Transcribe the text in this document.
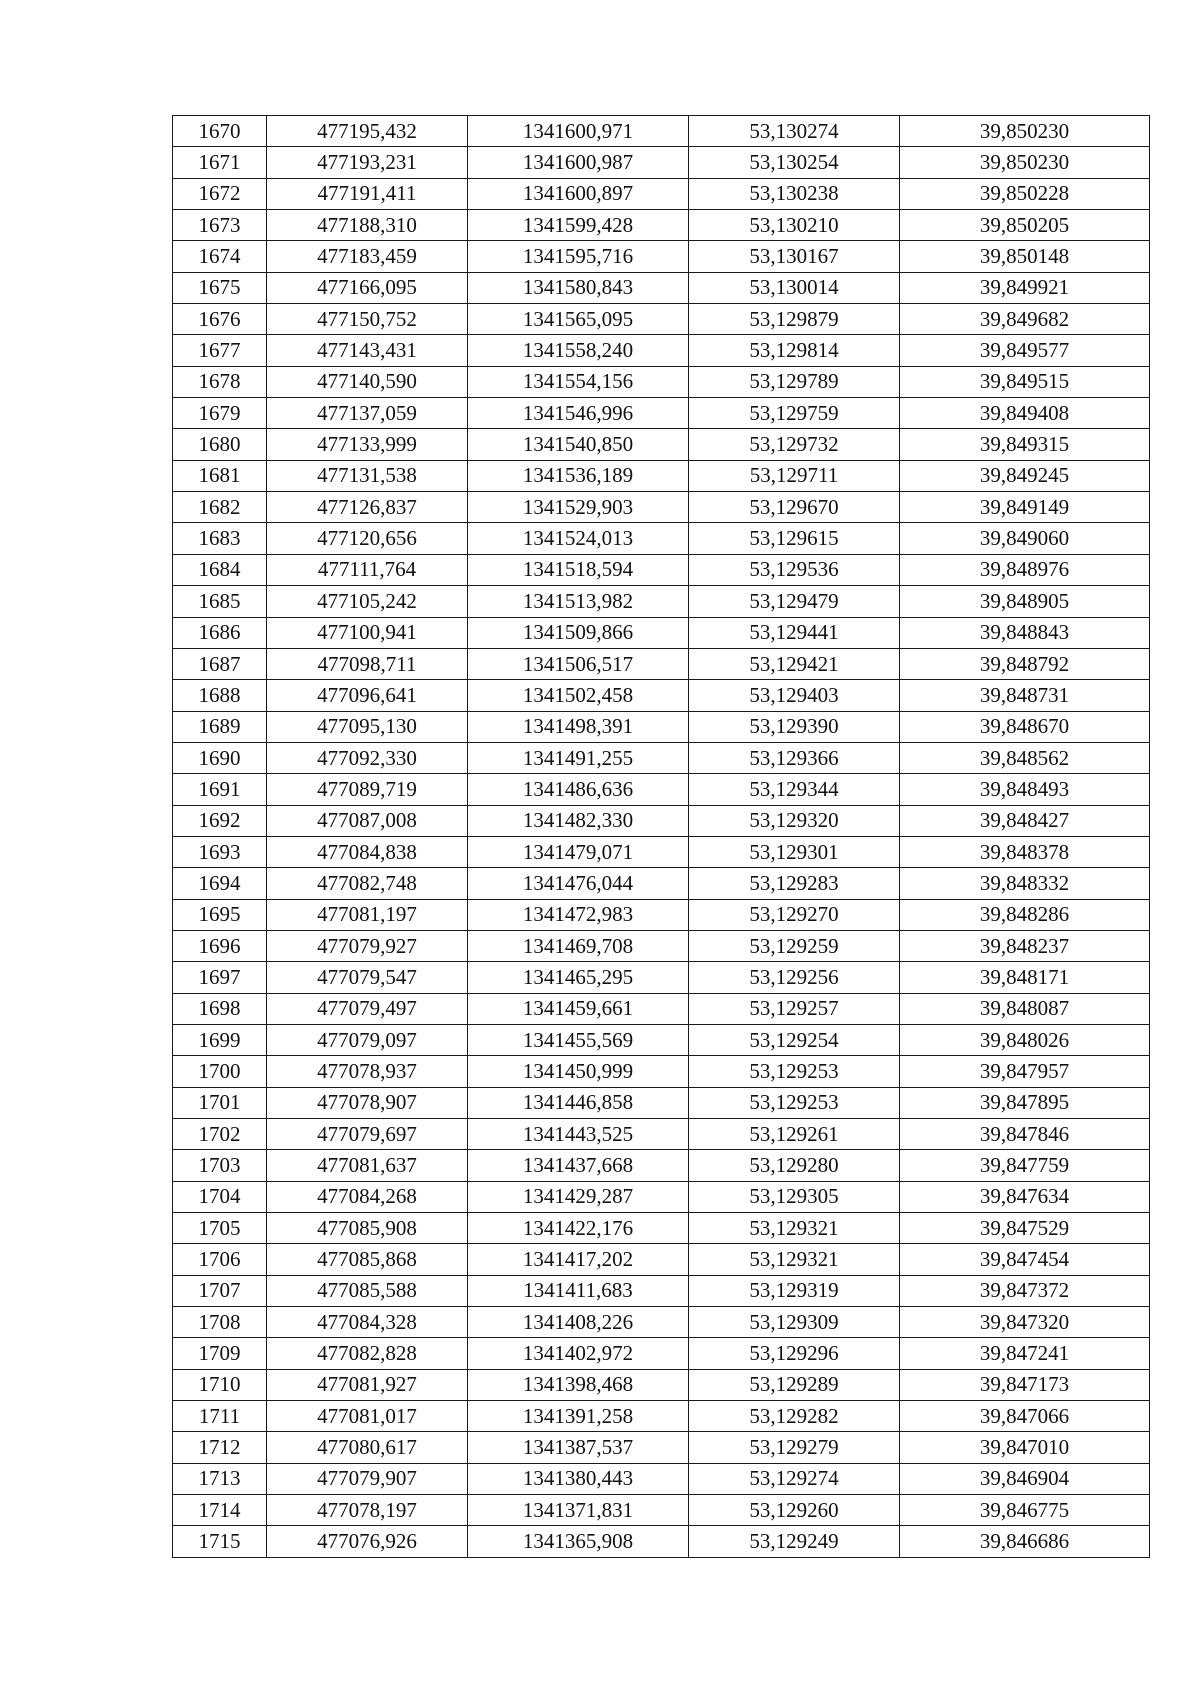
1670	477195,432	1341600,971	53,130274	39,850230
1671	477193,231	1341600,987	53,130254	39,850230
1672	477191,411	1341600,897	53,130238	39,850228
1673	477188,310	1341599,428	53,130210	39,850205
1674	477183,459	1341595,716	53,130167	39,850148
1675	477166,095	1341580,843	53,130014	39,849921
1676	477150,752	1341565,095	53,129879	39,849682
1677	477143,431	1341558,240	53,129814	39,849577
1678	477140,590	1341554,156	53,129789	39,849515
1679	477137,059	1341546,996	53,129759	39,849408
1680	477133,999	1341540,850	53,129732	39,849315
1681	477131,538	1341536,189	53,129711	39,849245
1682	477126,837	1341529,903	53,129670	39,849149
1683	477120,656	1341524,013	53,129615	39,849060
1684	477111,764	1341518,594	53,129536	39,848976
1685	477105,242	1341513,982	53,129479	39,848905
1686	477100,941	1341509,866	53,129441	39,848843
1687	477098,711	1341506,517	53,129421	39,848792
1688	477096,641	1341502,458	53,129403	39,848731
1689	477095,130	1341498,391	53,129390	39,848670
1690	477092,330	1341491,255	53,129366	39,848562
1691	477089,719	1341486,636	53,129344	39,848493
1692	477087,008	1341482,330	53,129320	39,848427
1693	477084,838	1341479,071	53,129301	39,848378
1694	477082,748	1341476,044	53,129283	39,848332
1695	477081,197	1341472,983	53,129270	39,848286
1696	477079,927	1341469,708	53,129259	39,848237
1697	477079,547	1341465,295	53,129256	39,848171
1698	477079,497	1341459,661	53,129257	39,848087
1699	477079,097	1341455,569	53,129254	39,848026
1700	477078,937	1341450,999	53,129253	39,847957
1701	477078,907	1341446,858	53,129253	39,847895
1702	477079,697	1341443,525	53,129261	39,847846
1703	477081,637	1341437,668	53,129280	39,847759
1704	477084,268	1341429,287	53,129305	39,847634
1705	477085,908	1341422,176	53,129321	39,847529
1706	477085,868	1341417,202	53,129321	39,847454
1707	477085,588	1341411,683	53,129319	39,847372
1708	477084,328	1341408,226	53,129309	39,847320
1709	477082,828	1341402,972	53,129296	39,847241
1710	477081,927	1341398,468	53,129289	39,847173
1711	477081,017	1341391,258	53,129282	39,847066
1712	477080,617	1341387,537	53,129279	39,847010
1713	477079,907	1341380,443	53,129274	39,846904
1714	477078,197	1341371,831	53,129260	39,846775
1715	477076,926	1341365,908	53,129249	39,846686
